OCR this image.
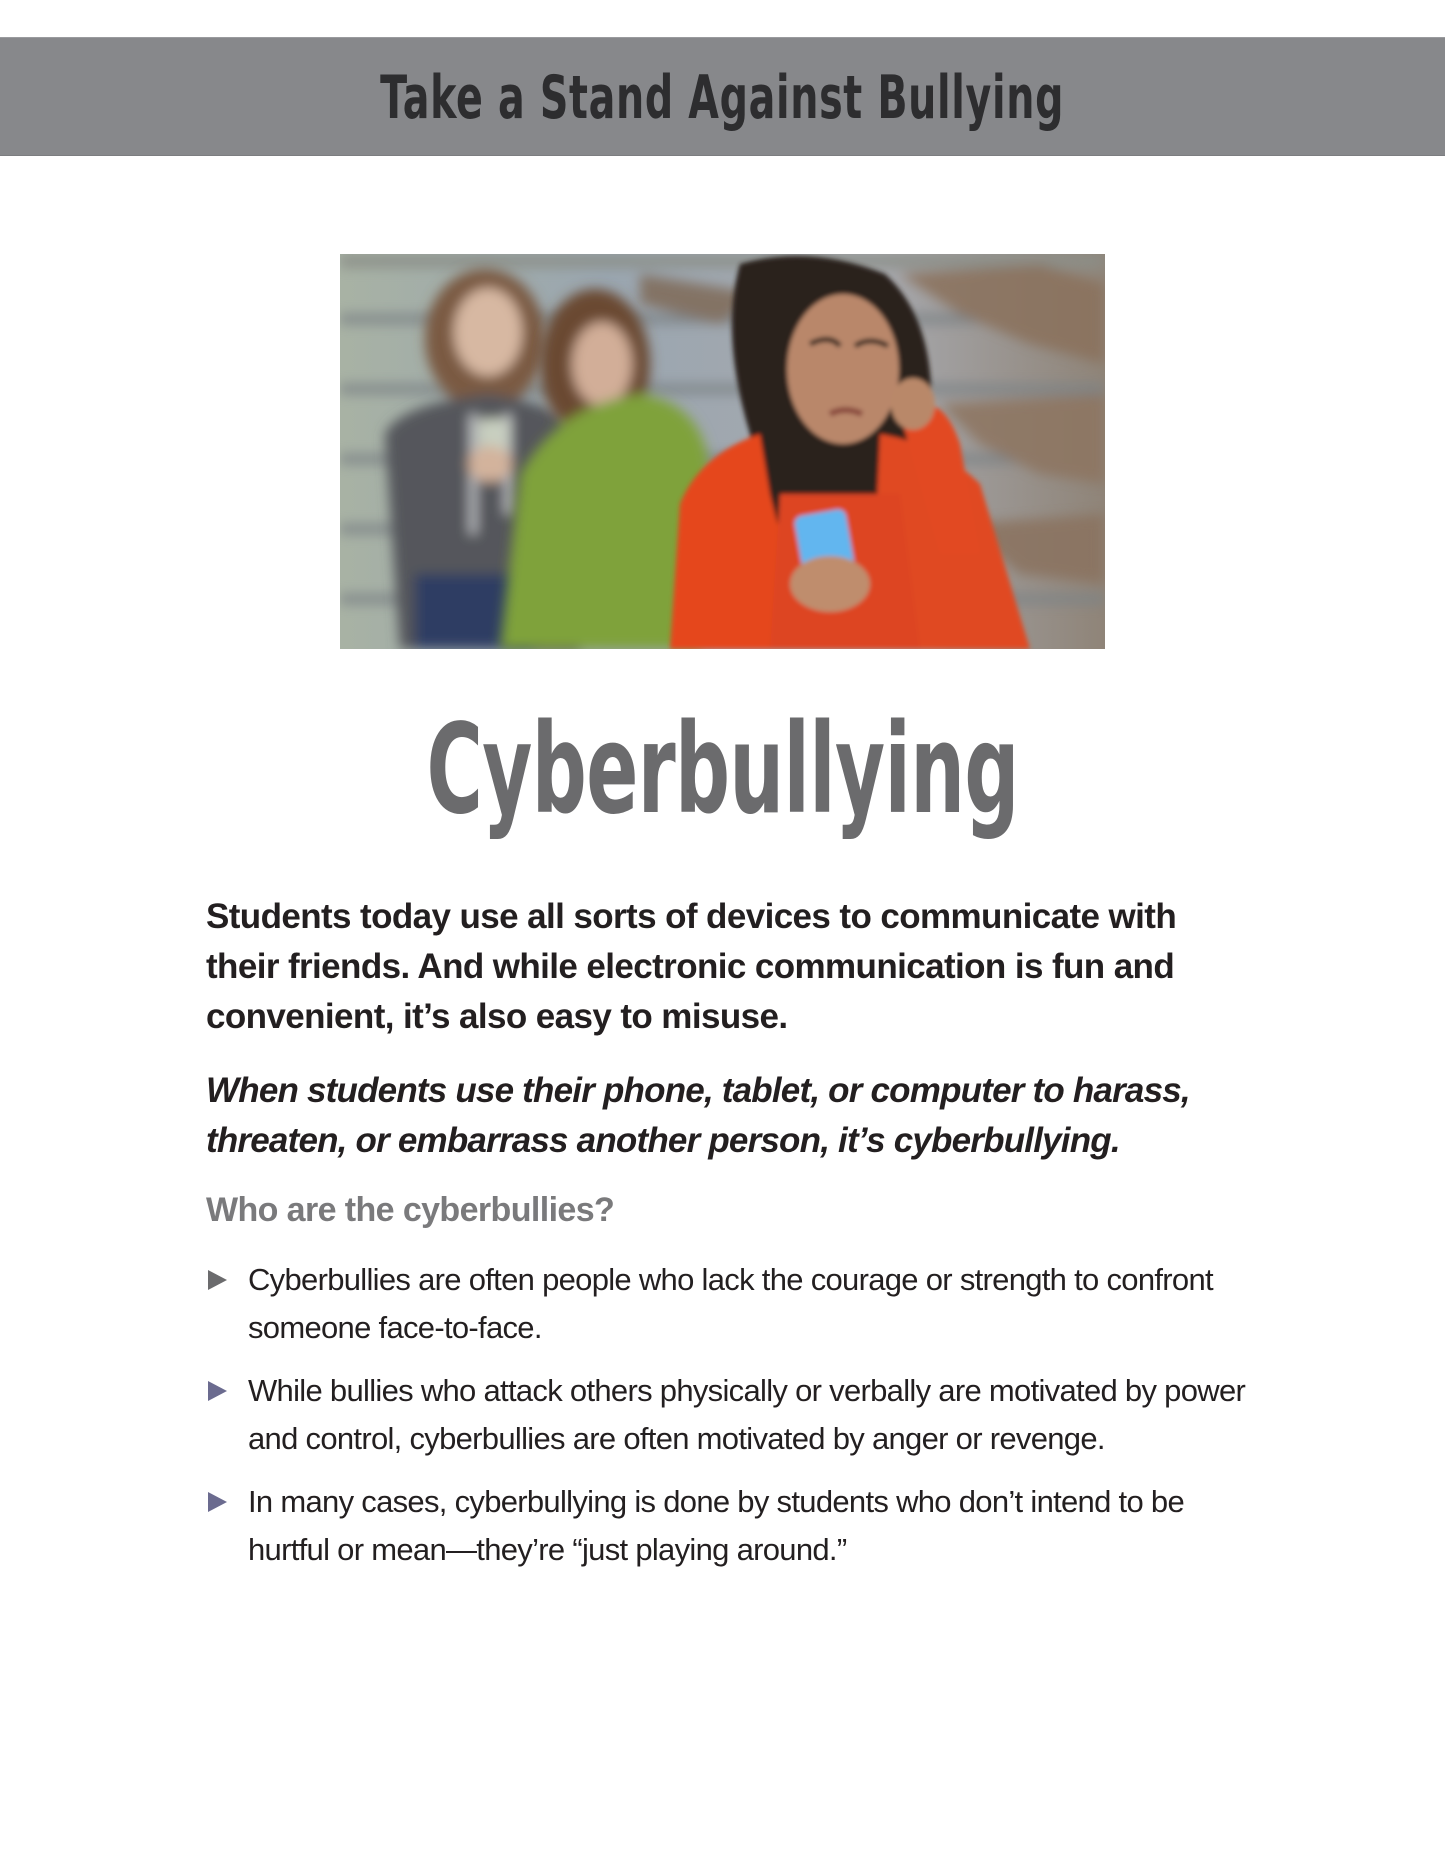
Take a Stand Against Bullying
Cyberbullying

Students today use all sorts of devices to communicate with their friends. And while electronic communication is fun and convenient, it’s also easy to misuse.

When students use their phone, tablet, or computer to harass, threaten, or embarrass another person, it’s cyberbullying.

Who are the cyberbullies?
Cyberbullies are often people who lack the courage or strength to confront someone face-to-face.
While bullies who attack others physically or verbally are motivated by power and control, cyberbullies are often motivated by anger or revenge.
In many cases, cyberbullying is done by students who don’t intend to be hurtful or mean—they’re “just playing around.”
